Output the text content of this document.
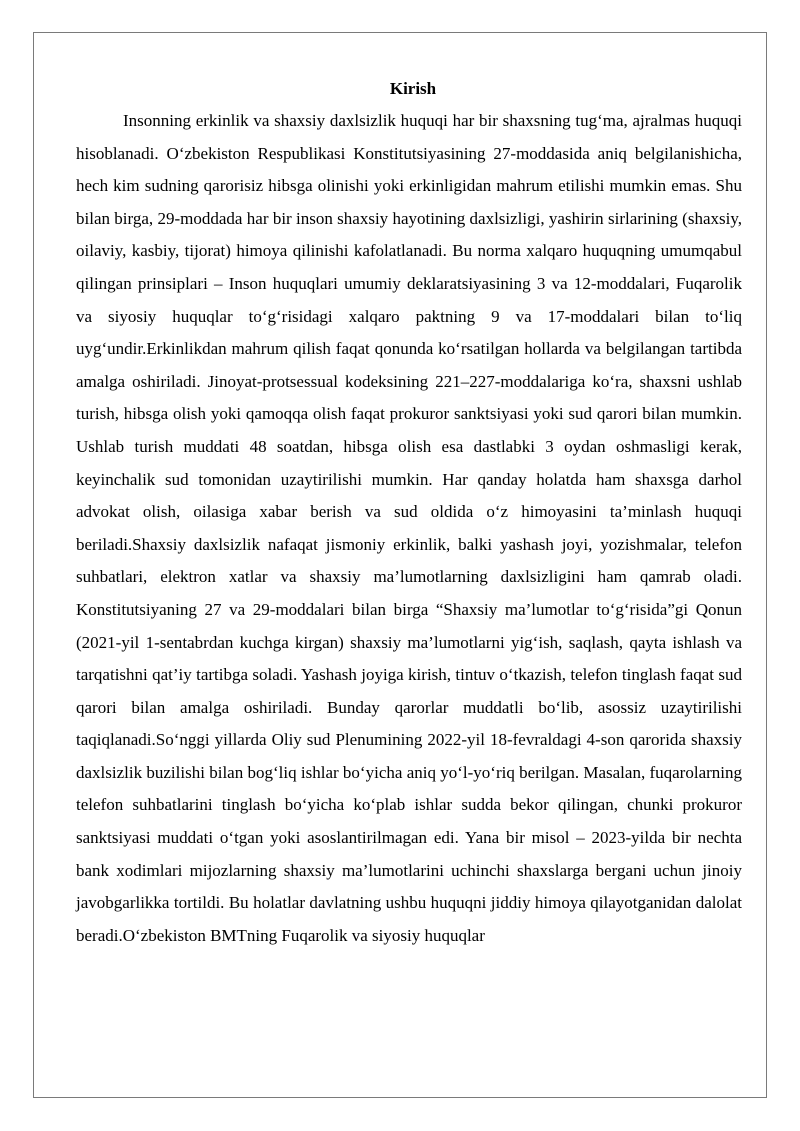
Kirish

Insonning erkinlik va shaxsiy daxlsizlik huquqi har bir shaxsning tug‘ma, ajralmas huquqi hisoblanadi. O‘zbekiston Respublikasi Konstitutsiyasining 27-moddasida aniq belgilanishicha, hech kim sudning qarorisiz hibsga olinishi yoki erkinligidan mahrum etilishi mumkin emas. Shu bilan birga, 29-moddada har bir inson shaxsiy hayotining daxlsizligi, yashirin sirlarining (shaxsiy, oilaviy, kasbiy, tijorat) himoya qilinishi kafolatlanadi. Bu norma xalqaro huquqning umumqabul qilingan prinsiplari – Inson huquqlari umumiy deklaratsiyasining 3 va 12-moddalari, Fuqarolik va siyosiy huquqlar to‘g‘risidagi xalqaro paktning 9 va 17-moddalari bilan to‘liq uyg‘undir.Erkinlikdan mahrum qilish faqat qonunda ko‘rsatilgan hollarda va belgilangan tartibda amalga oshiriladi. Jinoyat-protsessual kodeksining 221–227-moddalariga ko‘ra, shaxsni ushlab turish, hibsga olish yoki qamoqqa olish faqat prokuror sanktsiyasi yoki sud qarori bilan mumkin. Ushlab turish muddati 48 soatdan, hibsga olish esa dastlabki 3 oydan oshmasligi kerak, keyinchalik sud tomonidan uzaytirilishi mumkin. Har qanday holatda ham shaxsga darhol advokat olish, oilasiga xabar berish va sud oldida o‘z himoyasini ta’minlash huquqi beriladi.Shaxsiy daxlsizlik nafaqat jismoniy erkinlik, balki yashash joyi, yozishmalar, telefon suhbatlari, elektron xatlar va shaxsiy ma’lumotlarning daxlsizligini ham qamrab oladi. Konstitutsiyaning 27 va 29-moddalari bilan birga “Shaxsiy ma’lumotlar to‘g‘risida”gi Qonun (2021-yil 1-sentabrdan kuchga kirgan) shaxsiy ma’lumotlarni yig‘ish, saqlash, qayta ishlash va tarqatishni qat’iy tartibga soladi. Yashash joyiga kirish, tintuv o‘tkazish, telefon tinglash faqat sud qarori bilan amalga oshiriladi. Bunday qarorlar muddatli bo‘lib, asossiz uzaytirilishi taqiqlanadi.So‘nggi yillarda Oliy sud Plenumining 2022-yil 18-fevraldagi 4-son qarorida shaxsiy daxlsizlik buzilishi bilan bog‘liq ishlar bo‘yicha aniq yo‘l-yo‘riq berilgan. Masalan, fuqarolarning telefon suhbatlarini tinglash bo‘yicha ko‘plab ishlar sudda bekor qilingan, chunki prokuror sanktsiyasi muddati o‘tgan yoki asoslantirilmagan edi. Yana bir misol – 2023-yilda bir nechta bank xodimlari mijozlarning shaxsiy ma’lumotlarini uchinchi shaxslarga bergani uchun jinoiy javobgarlikka tortildi. Bu holatlar davlatning ushbu huquqni jiddiy himoya qilayotganidan dalolat beradi.O‘zbekiston BMTning Fuqarolik va siyosiy huquqlar
